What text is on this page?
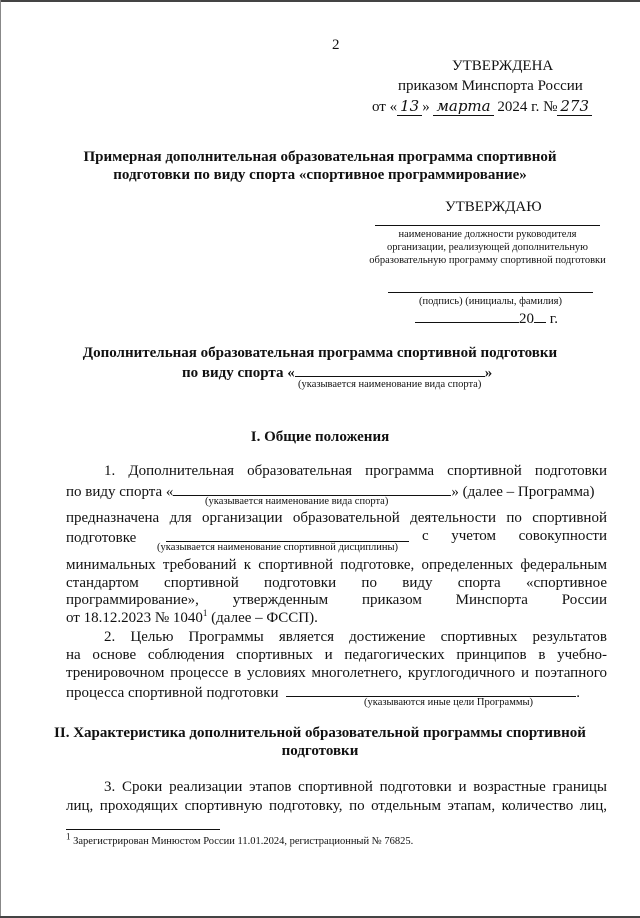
2
УТВЕРЖДЕНА
приказом Минспорта России
от « 13 » марта 2024 г. № 273
Примерная дополнительная образовательная программа спортивной
подготовки по виду спорта «спортивное программирование»
УТВЕРЖДАЮ
наименование должности руководителя
организации, реализующей дополнительную
образовательную программу спортивной подготовки
(подпись) (инициалы, фамилия)
20 г.
Дополнительная образовательная программа спортивной подготовки
по виду спорта «	»
(указывается наименование вида спорта)
I. Общие положения
1. Дополнительная образовательная программа спортивной подготовки
по виду спорта «	» (далее – Программа)
(указывается наименование вида спорта)
предназначена для организации образовательной деятельности по спортивной
подготовке	с учетом совокупности
(указывается наименование спортивной дисциплины)
минимальных требований к спортивной подготовке, определенных федеральным
стандартом спортивной подготовки по виду спорта «спортивное
программирование», утвержденным приказом Минспорта России
от 18.12.2023 № 1040$^1$ (далее – ФССП).
2. Целью Программы является достижение спортивных результатов
на основе соблюдения спортивных и педагогических принципов в учебно-
тренировочном процессе в условиях многолетнего, круглогодичного и поэтапного
процесса спортивной подготовки	.
(указываются иные цели Программы)
II. Характеристика дополнительной образовательной программы спортивной
подготовки
3. Сроки реализации этапов спортивной подготовки и возрастные границы
лиц, проходящих спортивную подготовку, по отдельным этапам, количество лиц,
$^1$ Зарегистрирован Минюстом России 11.01.2024, регистрационный № 76825.
